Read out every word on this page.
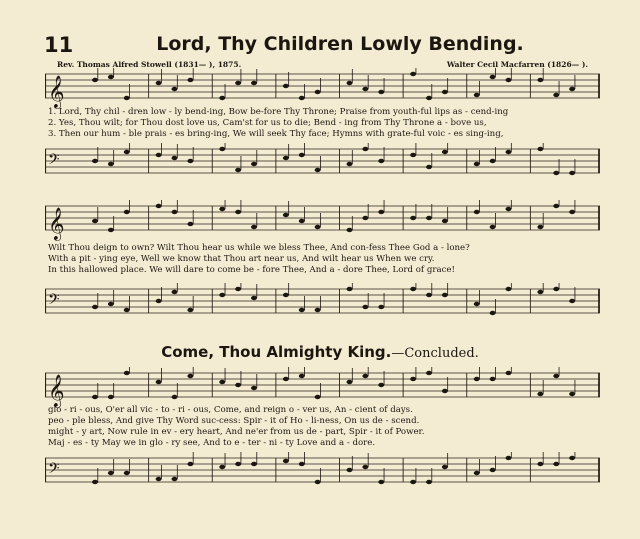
11	Lord, Thy Children Lowly Bending.
Rev. Thomas Alfred Stowell (1831— ), 1875.	Walter Cecil Macfarren (1826— ).
𝄞
1. Lord, Thy chil - dren low - ly bend-ing, Bow be-fore Thy Throne; Praise from youth-ful lips as - cend-ing
2. Yes, Thou wilt; for Thou dost love us, Cam'st for us to die; Bend - ing from Thy Throne a - bove us,
3. Then our hum - ble prais - es bring-ing, We will seek Thy face; Hymns with grate-ful voic - es sing-ing,
𝄢
𝄞
Wilt Thou deign to own? Wilt Thou hear us while we bless Thee, And con-fess Thee God a - lone?
With a pit - ying eye, Well we know that Thou art near us, And wilt hear us When we cry.
In this hallowed place. We will dare to come be - fore Thee, And a - dore Thee, Lord of grace!
𝄢
Come, Thou Almighty King.—Concluded.
𝄞
glo - ri - ous, O'er all vic - to - ri - ous, Come, and reign o - ver us, An - cient of days.
peo - ple bless, And give Thy Word suc-cess: Spir - it of Ho - li-ness, On us de - scend.
might - y art, Now rule in ev - ery heart, And ne'er from us de - part, Spir - it of Power.
Maj - es - ty May we in glo - ry see, And to e - ter - ni - ty Love and a - dore.
𝄢
